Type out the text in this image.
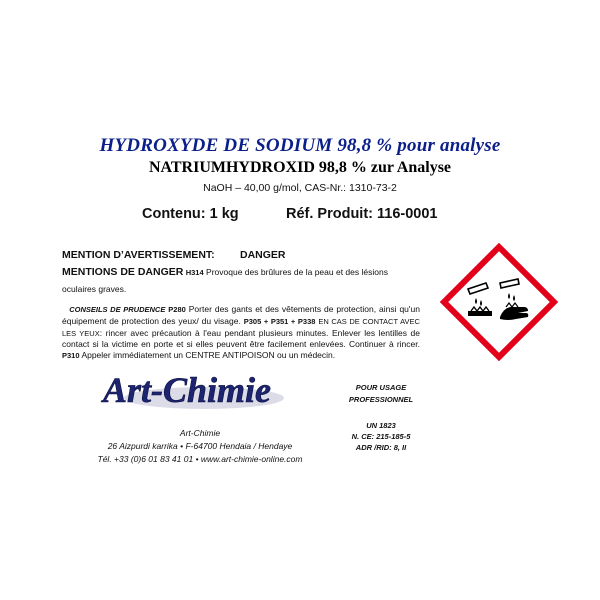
HYDROXYDE DE SODIUM 98,8 % pour analyse
NATRIUMHYDROXID 98,8 % zur Analyse
NaOH – 40,00 g/mol, CAS-Nr.: 1310-73-2
Contenu: 1 kg	Réf. Produit: 116-0001
MENTION D’AVERTISSEMENT: DANGER
MENTIONS DE DANGER H314 Provoque des brûlures de la peau et des lésions oculaires graves.
CONSEILS DE PRUDENCE P280 Porter des gants et des vêtements de protection, ainsi qu'un équipement de protection des yeux/ du visage. P305 + P351 + P338 EN CAS DE CONTACT AVEC LES YEUX: rincer avec précaution à l'eau pendant plusieurs minutes. Enlever les lentilles de contact si la victime en porte et si elles peuvent être facilement enlevées. Continuer à rincer. P310 Appeler immédiatement un CENTRE ANTIPOISON ou un médecin.
Art-Chimie
Art-Chimie
26 Aizpurdi karrika • F-64700 Hendaia / Hendaye
Tél. +33 (0)6 01 83 41 01 • www.art-chimie-online.com
POUR USAGE
PROFESSIONNEL
UN 1823
N. CE: 215-185-5
ADR /RID: 8, II
